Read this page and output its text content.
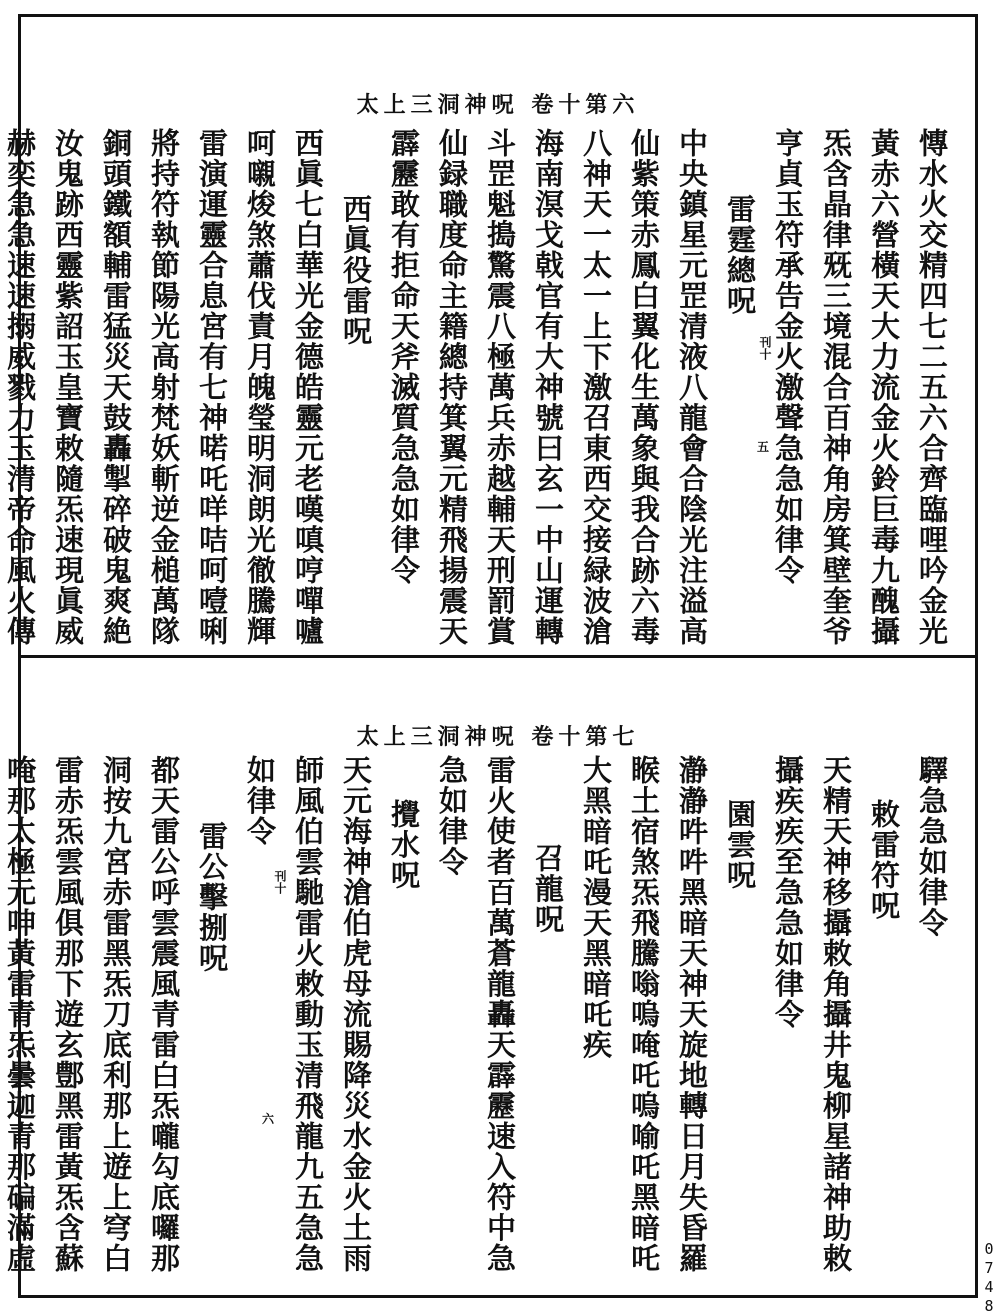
太上三洞神呪 卷十第六
刊十
五	慱水火交精四七二五六合齊臨哩吟金光
黃赤六營橫天大力流金火鈴巨毒九醜攝
炁含晶律兓三境混合百神角房箕壁奎爷
亨貞玉符承告金火激聲急急如律令
雷霆總呪
中央鎮星元罡清液八龍會合陰光注溢高
仙紫策赤鳳白翼化生萬象與我合跡六毒
八神天一太一上下激召東西交接緑波滄
海南溟戈戟官有大神號曰玄一中山運轉
斗罡魁搗驚震八極萬兵赤越輔天刑罰賞
仙録職度命主籍總持箕翼元精飛揚震天
霹靂敢有拒命天斧滅質急急如律令
西眞役雷呪
西眞七白華光金德皓靈元老嘆嗔哼嘽嚧
呵嚫焌煞蕭伐責月魄瑩明洞朗光徹騰輝
雷演運靈合息宮有七神喏吒咩咭呵噎唎
將持符執節陽光高射梵妖斬逆金槌萬隊
銅頭鐵額輔雷猛災天鼓轟掣碎破鬼爽絶
汝鬼跡西靈紫詔玉皇寶敕隨炁速現眞威
赫奕急急速速搦威戮力玉清帝命風火傳
太上三洞神呪 卷十第七
刊十
六
驛急急如律令
敕雷符呪
天精天神移攝敕角攝井鬼柳星諸神助敕
攝疾疾至急急如律令
園雲呪
瀞瀞吽吽黑暗天神天旋地轉日月失昏羅
睺土宿煞炁飛騰嗡嗚唵吒嗚喻吒黑暗吒
大黑暗吒漫天黑暗吒疾
召龍呪
雷火使者百萬蒼龍轟天霹靂速入符中急
急如律令
攪水呪
天元海神滄伯虎母流賜降災水金火土雨
師風伯雲馳雷火敕動玉清飛龍九五急急
如律令
雷公擊捌呪
都天雷公呼雲震風青雷白炁嚨勾底囉那
洞按九宮赤雷黑炁刀底利那上遊上穹白
雷赤炁雲風俱那下遊玄鄷黑雷黃炁含蘇
唵那太極元呻黃雷青炁曇迦青那碥滿虛
0748
